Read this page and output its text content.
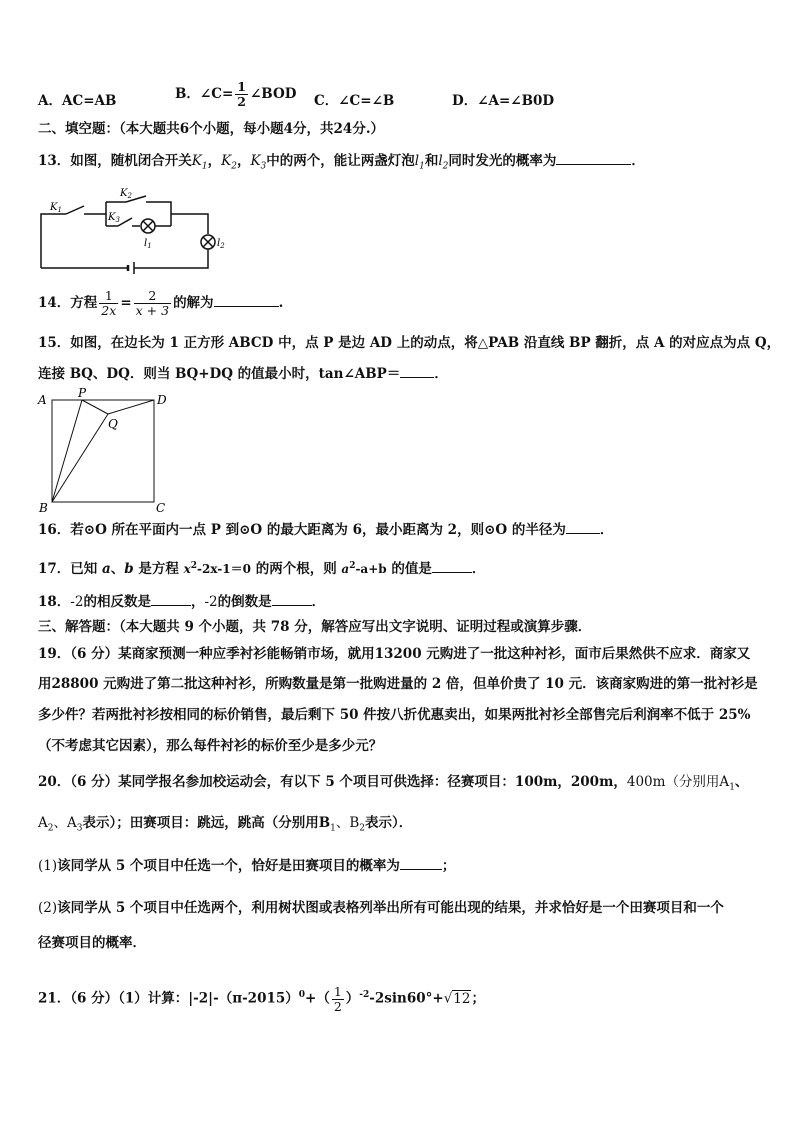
A．AC=AB	B．∠C= $\frac{1}{2}$ ∠BOD C．∠C=∠B	D．∠A=∠B0D
二、填空题：（本大题共6个小题，每小题4分，共24分.）
13．如图，随机闭合开关$K_1$，$K_2$，$K_3$中的两个，能让两盏灯泡$l_1$和$l_2$同时发光的概率为	．
$K_1$
$K_2$
$K_3$
$l_1$	$l_2$
14．方程 $\frac{1}{2x} = \frac{2}{x + 3}$ 的解为	.
15．如图，在边长为 1 正方形 ABCD 中，点 P 是边 AD 上的动点，将△PAB 沿直线 BP 翻折，点 A 的对应点为点 Q，
连接 BQ、DQ．则当 BQ+DQ 的值最小时，tan∠ABP＝	．
A	P	D
Q
B	C
16．若⊙O 所在平面内一点 P 到⊙O 的最大距离为 6，最小距离为 2，则⊙O 的半径为	．
17．已知 a、b 是方程 $x^2-2x-1=0$ 的两个根，则 $a^2-a+b$ 的值是	．
18．-2的相反数是	，-2的倒数是	．
三、解答题：（本大题共 9 个小题，共 78 分，解答应写出文字说明、证明过程或演算步骤．
19．（6 分）某商家预测一种应季衬衫能畅销市场，就用13200 元购进了一批这种衬衫，面市后果然供不应求．商家又
用28800 元购进了第二批这种衬衫，所购数量是第一批购进量的 2 倍，但单价贵了 10 元．该商家购进的第一批衬衫是
多少件？若两批衬衫按相同的标价销售，最后剩下 50 件按八折优惠卖出，如果两批衬衫全部售完后利润率不低于 25%
（不考虑其它因素），那么每件衬衫的标价至少是多少元？
20．（6 分）某同学报名参加校运动会，有以下 5 个项目可供选择：径赛项目：100m，200m，400m（分别用$A_1$、
$A_2$、$A_3$表示）；田赛项目：跳远，跳高（分别用$B_1$、$B_2$表示）．
(1)该同学从 5 个项目中任选一个，恰好是田赛项目的概率为	；
(2)该同学从 5 个项目中任选两个，利用树状图或表格列举出所有可能出现的结果，并求恰好是一个田赛项目和一个
径赛项目的概率．
21．（6 分）（1）计算：$|-2|-(\pi-2015)^0+( \frac{1}{2} )^{-2}-2\sin 60^\circ+√12$；
